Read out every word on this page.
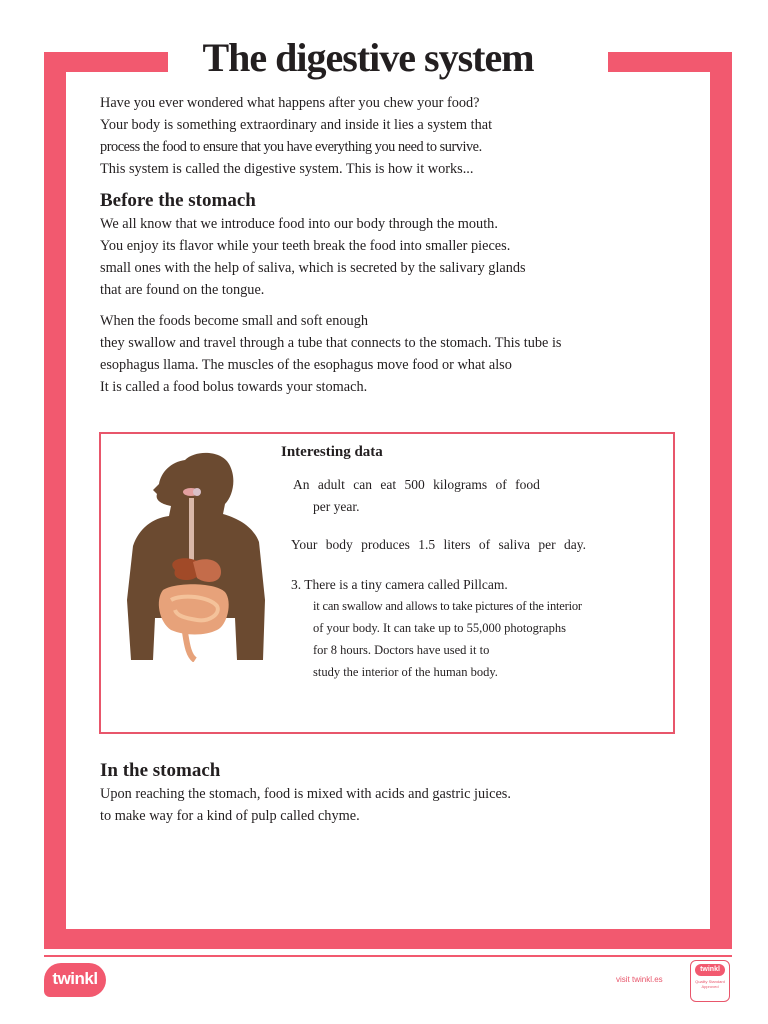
The digestive system

Have you ever wondered what happens after you chew your food?

Your body is something extraordinary and inside it lies a system that

process the food to ensure that you have everything you need to survive.

This system is called the digestive system. This is how it works...

Before the stomach

We all know that we introduce food into our body through the mouth.

You enjoy its flavor while your teeth break the food into smaller pieces.

small ones with the help of saliva, which is secreted by the salivary glands

that are found on the tongue.

When the foods become small and soft enough

they swallow and travel through a tube that connects to the stomach. This tube is

esophagus llama. The muscles of the esophagus move food or what also

It is called a food bolus towards your stomach.

Interesting data
An adult can eat 500 kilograms of food
per year.
Your body produces 1.5 liters of saliva per day.
3. There is a tiny camera called Pillcam.
it can swallow and allows to take pictures of the interior
of your body. It can take up to 55,000 photographs
for 8 hours. Doctors have used it to
study the interior of the human body.
In the stomach

Upon reaching the stomach, food is mixed with acids and gastric juices.

to make way for a kind of pulp called chyme.

twinkl	visit twinkl.es
twinkl
Quality Standard Approved
